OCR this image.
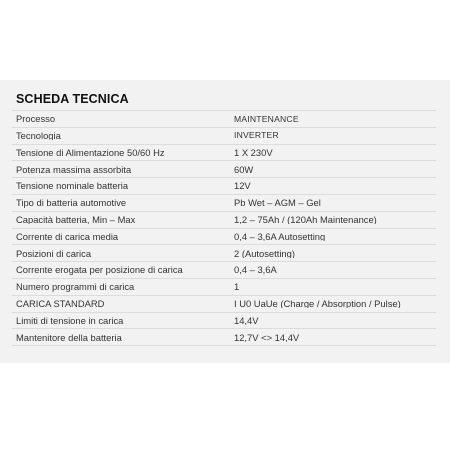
SCHEDA TECNICA
Processo	MAINTENANCE
Tecnologia	INVERTER
Tensione di Alimentazione 50/60 Hz	1 X 230V
Potenza massima assorbita	60W
Tensione nominale batteria	12V
Tipo di batteria automotive	Pb Wet – AGM – Gel
Capacità batteria, Min – Max	1,2 – 75Ah / (120Ah Maintenance)
Corrente di carica media	0,4 – 3,6A Autosetting
Posizioni di carica	2 (Autosetting)
Corrente erogata per posizione di carica	0,4 – 3,6A
Numero programmi di carica	1
CARICA STANDARD	I U0 UaUe (Charge / Absorption / Pulse)
Limiti di tensione in carica	14,4V
Mantenitore della batteria	12,7V <> 14,4V
